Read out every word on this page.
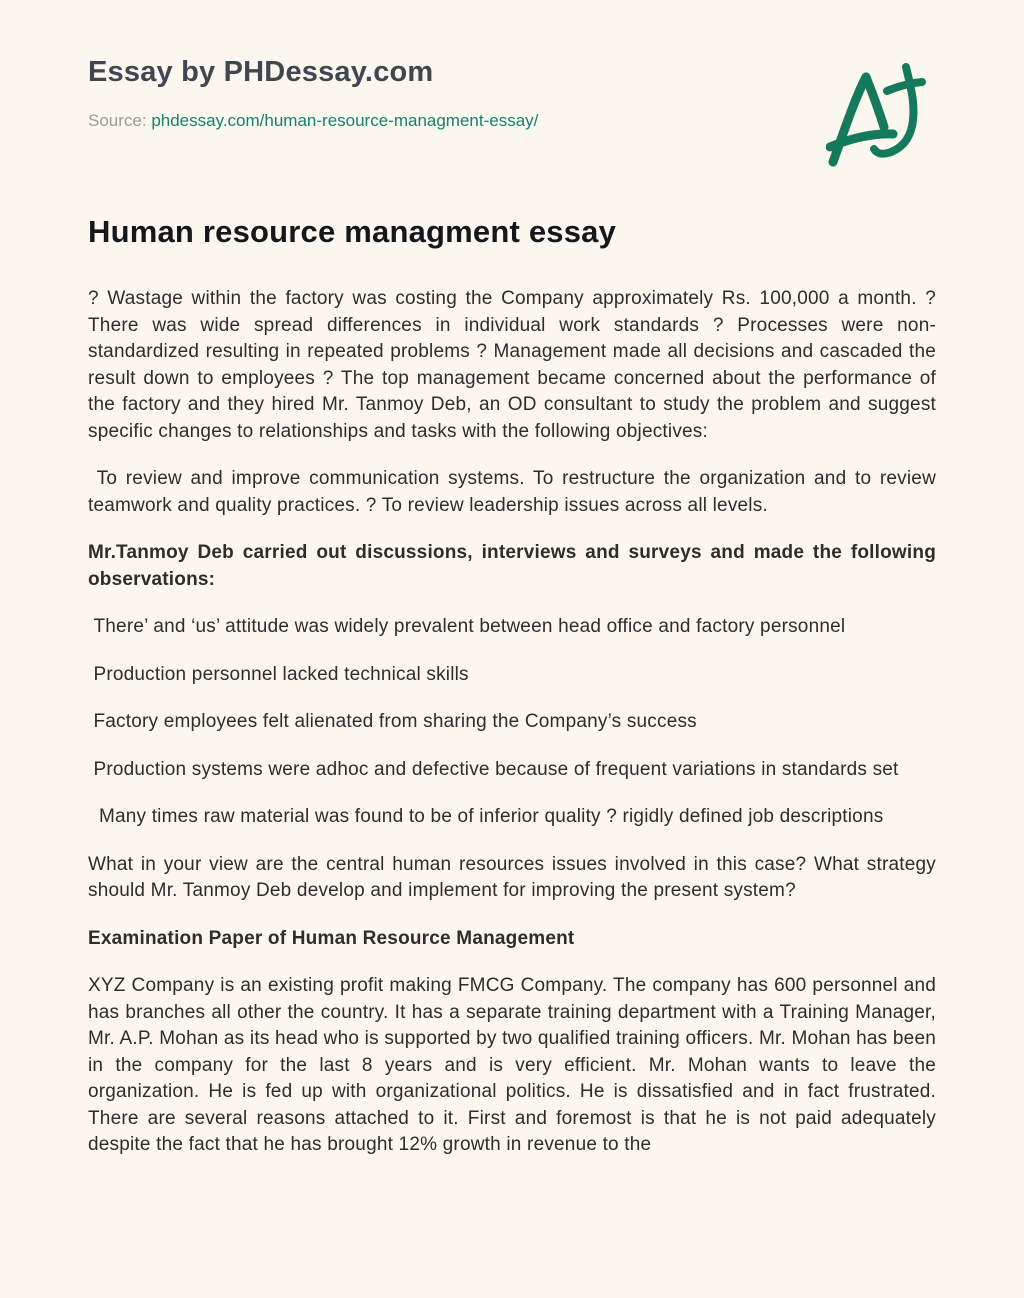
Essay by PHDessay.com
Source: phdessay.com/human-resource-managment-essay/
Human resource managment essay

? Wastage within the factory was costing the Company approximately Rs. 100,000 a month. ? There was wide spread differences in individual work standards ? Processes were non-standardized resulting in repeated problems ? Management made all decisions and cascaded the result down to employees ? The top management became concerned about the performance of the factory and they hired Mr. Tanmoy Deb, an OD consultant to study the problem and suggest specific changes to relationships and tasks with the following objectives:

To review and improve communication systems. To restructure the organization and to review teamwork and quality practices. ? To review leadership issues across all levels.

Mr.Tanmoy Deb carried out discussions, interviews and surveys and made the following observations:

There’ and ‘us’ attitude was widely prevalent between head office and factory personnel

Production personnel lacked technical skills

Factory employees felt alienated from sharing the Company’s success

Production systems were adhoc and defective because of frequent variations in standards set

Many times raw material was found to be of inferior quality ? rigidly defined job descriptions

What in your view are the central human resources issues involved in this case? What strategy should Mr. Tanmoy Deb develop and implement for improving the present system?

Examination Paper of Human Resource Management

XYZ Company is an existing profit making FMCG Company. The company has 600 personnel and has branches all other the country. It has a separate training department with a Training Manager, Mr. A.P. Mohan as its head who is supported by two qualified training officers. Mr. Mohan has been in the company for the last 8 years and is very efficient. Mr. Mohan wants to leave the organization. He is fed up with organizational politics. He is dissatisfied and in fact frustrated. There are several reasons attached to it. First and foremost is that he is not paid adequately despite the fact that he has brought 12% growth in revenue to the
